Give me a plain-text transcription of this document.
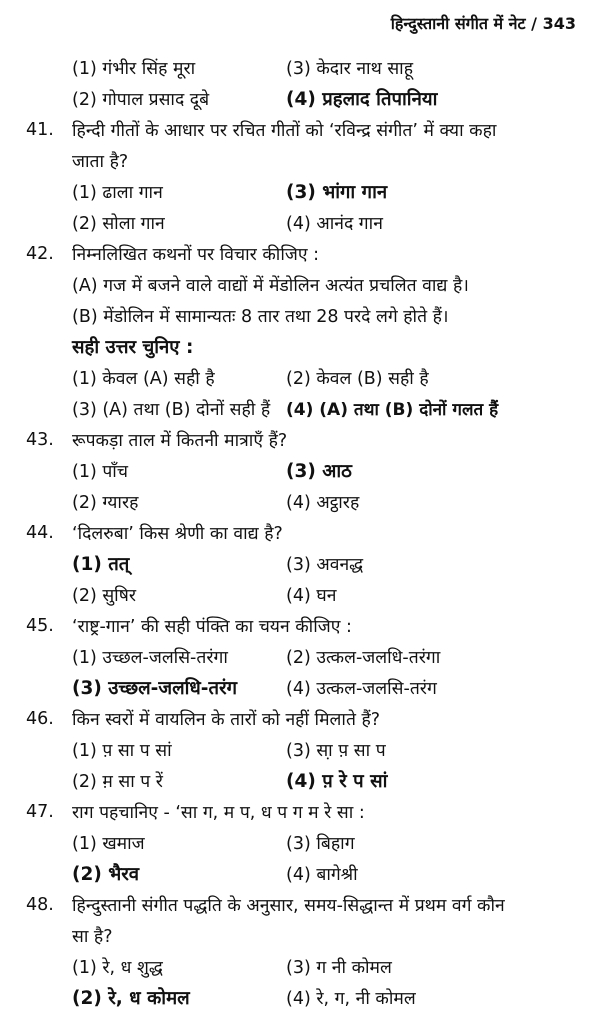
हिन्दुस्तानी संगीत में नेट / 343
(1) गंभीर सिंह मूरा	(3) केदार नाथ साहू
(2) गोपाल प्रसाद दूबे	(4) प्रहलाद तिपानिया
41.	हिन्दी गीतों के आधार पर रचित गीतों को ‘रविन्द्र संगीत’ में क्या कहा
जाता है?
(1) ढाला गान	(3) भांगा गान
(2) सोला गान	(4) आनंद गान
42.	निम्नलिखित कथनों पर विचार कीजिए :
(A) गज में बजने वाले वाद्यों में मेंडोलिन अत्यंत प्रचलित वाद्य है।
(B) मेंडोलिन में सामान्यतः 8 तार तथा 28 परदे लगे होते हैं।
सही उत्तर चुनिए :
(1) केवल (A) सही है	(2) केवल (B) सही है
(3) (A) तथा (B) दोनों सही हैं (4) (A) तथा (B) दोनों गलत हैं
43.	रूपकड़ा ताल में कितनी मात्राएँ हैं?
(1) पाँच	(3) आठ
(2) ग्यारह	(4) अट्ठारह
44.	‘दिलरुबा’ किस श्रेणी का वाद्य है?
(1) तत्	(3) अवनद्ध
(2) सुषिर	(4) घन
45.	‘राष्ट्र-गान’ की सही पंक्ति का चयन कीजिए :
(1) उच्छल-जलसि-तरंगा	(2) उत्कल-जलधि-तरंगा
(3) उच्छल-जलधि-तरंग	(4) उत्कल-जलसि-तरंग
46.	किन स्वरों में वायलिन के तारों को नहीं मिलाते हैं?
(1) प़ सा प सां	(3) सा़ प़ सा प
(2) म़ सा प रें	(4) प़ रे प सां
47.	राग पहचानिए - ‘सा ग, म प, ध प ग म रे सा :
(1) खमाज	(3) बिहाग
(2) भैरव	(4) बागेश्री
48.	हिन्दुस्तानी संगीत पद्धति के अनुसार, समय-सिद्धान्त में प्रथम वर्ग कौन
सा है?
(1) रे, ध शुद्ध	(3) ग नी कोमल
(2) रे, ध कोमल	(4) रे, ग, नी कोमल
